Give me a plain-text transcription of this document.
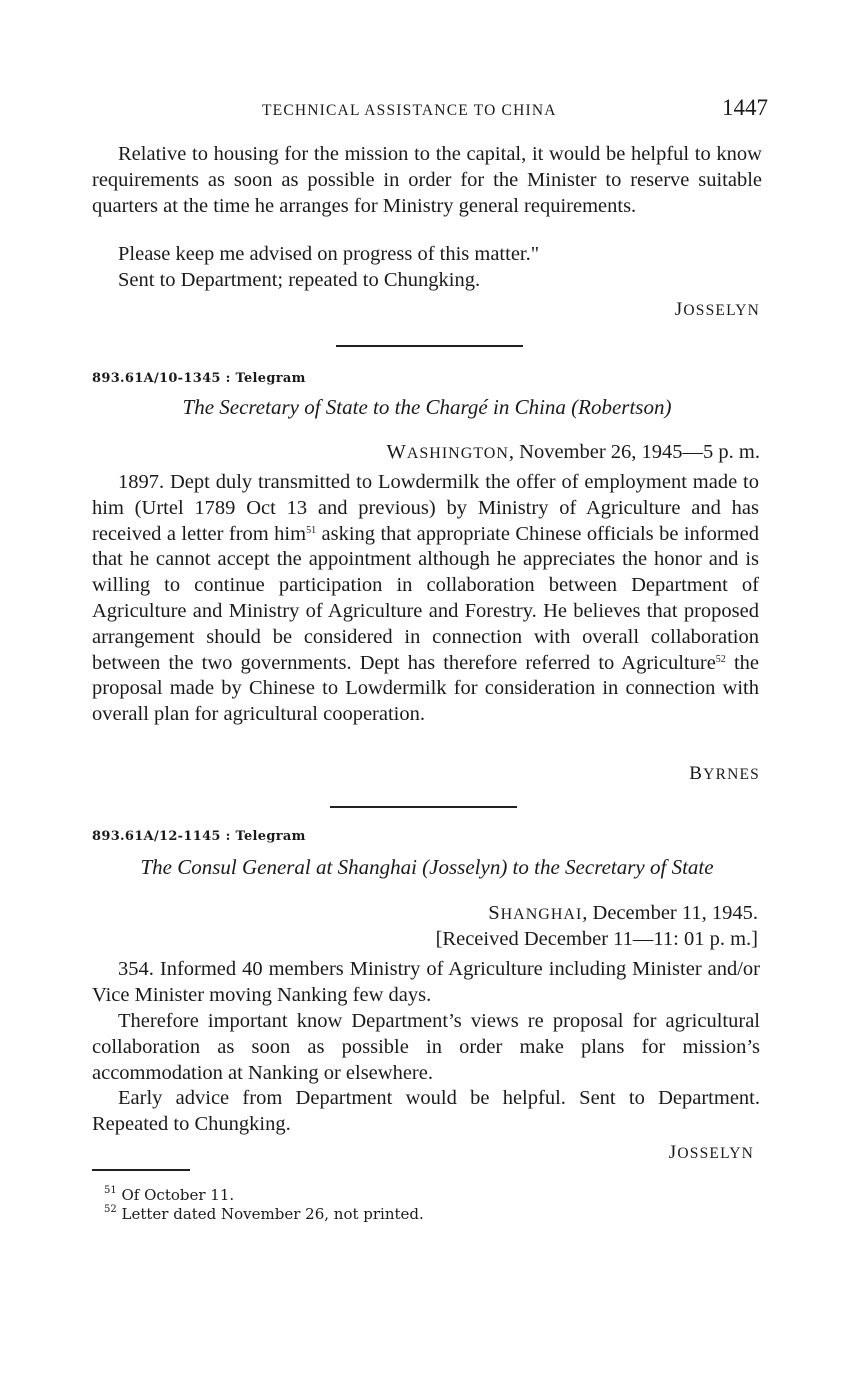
TECHNICAL ASSISTANCE TO CHINA	1447

Relative to housing for the mission to the capital, it would be helpful to know requirements as soon as possible in order for the Minister to reserve suitable quarters at the time he arranges for Ministry general requirements.

Please keep me advised on progress of this matter."
Sent to Department; repeated to Chungking.
JOSSELYN
893.61A/10-1345 : Telegram
The Secretary of State to the Chargé in China (Robertson)
WASHINGTON, November 26, 1945—5 p. m.

1897. Dept duly transmitted to Lowdermilk the offer of employment made to him (Urtel 1789 Oct 13 and previous) by Ministry of Agriculture and has received a letter from him$^{51}$ asking that appropriate Chinese officials be informed that he cannot accept the appointment although he appreciates the honor and is willing to continue participation in collaboration between Department of Agriculture and Ministry of Agriculture and Forestry. He believes that proposed arrangement should be considered in connection with overall collaboration between the two governments. Dept has therefore referred to Agriculture$^{52}$ the proposal made by Chinese to Lowdermilk for consideration in connection with overall plan for agricultural cooperation.

BYRNES
893.61A/12-1145 : Telegram
The Consul General at Shanghai (Josselyn) to the Secretary of State
SHANGHAI, December 11, 1945.
[Received December 11—11: 01 p. m.]

354. Informed 40 members Ministry of Agriculture including Minister and/or Vice Minister moving Nanking few days.

Therefore important know Department’s views re proposal for agricultural collaboration as soon as possible in order make plans for mission’s accommodation at Nanking or elsewhere.

Early advice from Department would be helpful. Sent to Department. Repeated to Chungking.

JOSSELYN
$^{51}$ Of October 11.
$^{52}$ Letter dated November 26, not printed.
